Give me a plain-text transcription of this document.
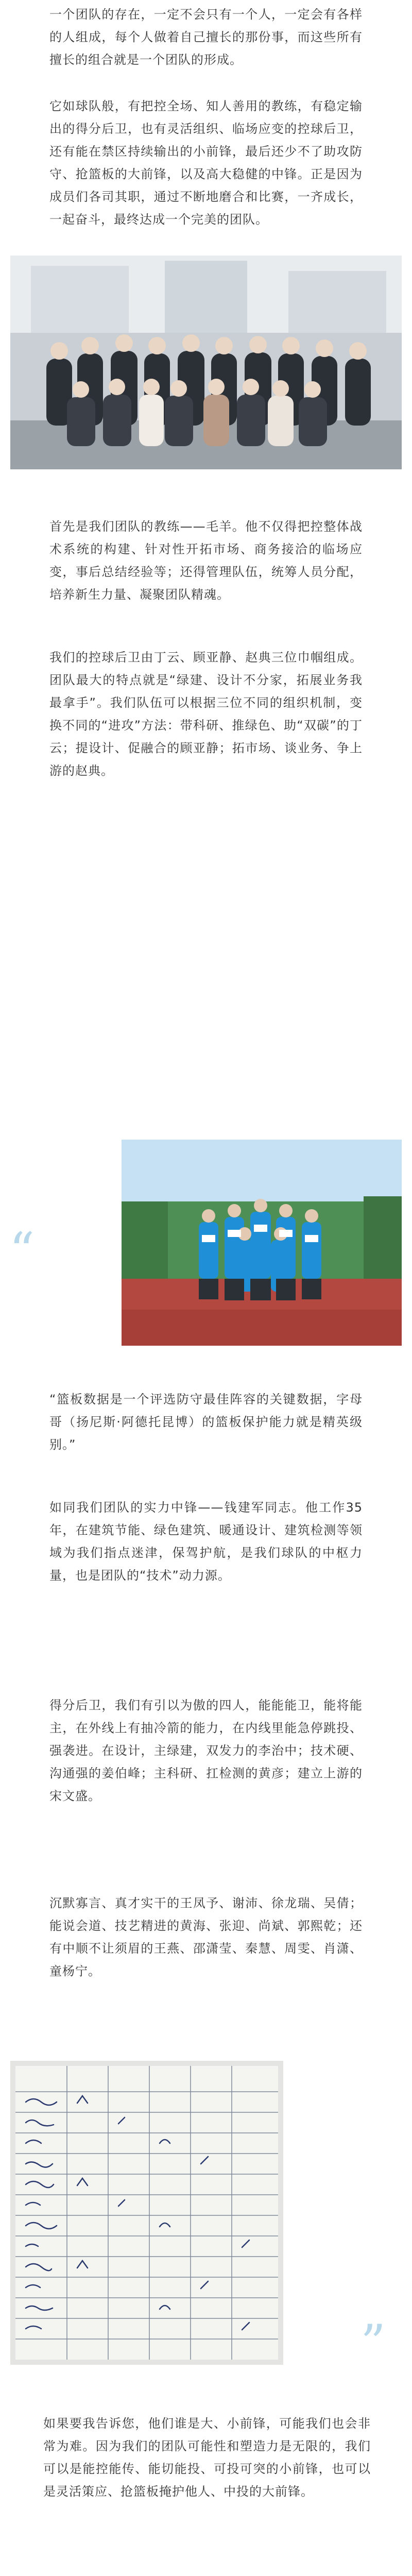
一个团队的存在，一定不会只有一个人，一定会有各样的人组成，每个人做着自己擅长的那份事，而这些所有擅长的组合就是一个团队的形成。

它如球队般，有把控全场、知人善用的教练，有稳定输出的得分后卫，也有灵活组织、临场应变的控球后卫，还有能在禁区持续输出的小前锋，最后还少不了助攻防守、抢篮板的大前锋，以及高大稳健的中锋。正是因为成员们各司其职，通过不断地磨合和比赛，一齐成长，一起奋斗，最终达成一个完美的团队。

首先是我们团队的教练——毛羊。他不仅得把控整体战术系统的构建、针对性开拓市场、商务接洽的临场应变，事后总结经验等；还得管理队伍，统筹人员分配，培养新生力量、凝聚团队精魂。

我们的控球后卫由丁云、顾亚静、赵典三位巾帼组成。团队最大的特点就是“绿建、设计不分家，拓展业务我最拿手”。我们队伍可以根据三位不同的组织机制，变换不同的“进攻”方法：带科研、推绿色、助“双碳”的丁云；提设计、促融合的顾亚静；拓市场、谈业务、争上游的赵典。

“

“篮板数据是一个评选防守最佳阵容的关键数据，字母哥（扬尼斯·阿德托昆博）的篮板保护能力就是精英级别。”

如同我们团队的实力中锋——钱建军同志。他工作35年，在建筑节能、绿色建筑、暖通设计、建筑检测等领域为我们指点迷津，保驾护航，是我们球队的中枢力量，也是团队的“技术”动力源。

得分后卫，我们有引以为傲的四人，能能能卫，能将能主，在外线上有抽冷箭的能力，在内线里能急停跳投、强袭进。在设计，主绿建，双发力的李治中；技术硬、沟通强的姜伯峰；主科研、扛检测的黄彦；建立上游的宋文盛。

沉默寡言、真才实干的王凤予、谢沛、徐龙瑞、吴倩；能说会道、技艺精进的黄海、张迎、尚斌、郭熙乾；还有中顺不让须眉的王燕、邵潇莹、秦慧、周雯、肖潇、童杨宁。

”

如果要我告诉您，他们谁是大、小前锋，可能我们也会非常为难。因为我们的团队可能性和塑造力是无限的，我们可以是能控能传、能切能投、可投可突的小前锋，也可以是灵活策应、抢篮板掩护他人、中投的大前锋。
